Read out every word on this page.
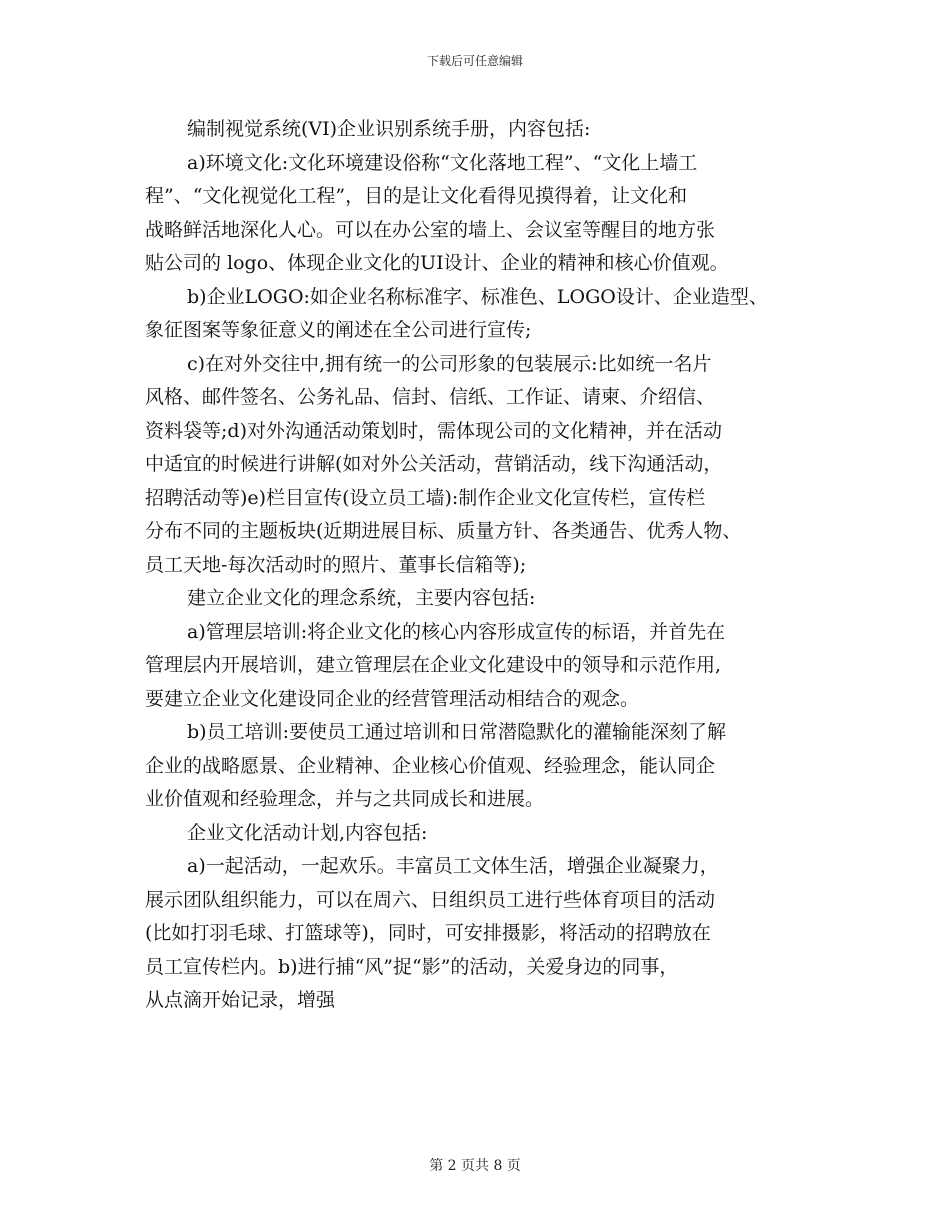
下载后可任意编辑
编制视觉系统(VI)企业识别系统手册，内容包括:
a)环境文化:文化环境建设俗称“文化落地工程”、“文化上墙工
程”、“文化视觉化工程”，目的是让文化看得见摸得着，让文化和
战略鲜活地深化人心。可以在办公室的墙上、会议室等醒目的地方张
贴公司的 logo、体现企业文化的UI设计、企业的精神和核心价值观。
b)企业LOGO:如企业名称标准字、标准色、LOGO设计、企业造型、
象征图案等象征意义的阐述在全公司进行宣传;
c)在对外交往中,拥有统一的公司形象的包装展示:比如统一名片
风格、邮件签名、公务礼品、信封、信纸、工作证、请柬、介绍信、
资料袋等;d)对外沟通活动策划时，需体现公司的文化精神，并在活动
中适宜的时候进行讲解(如对外公关活动，营销活动，线下沟通活动，
招聘活动等)e)栏目宣传(设立员工墙):制作企业文化宣传栏，宣传栏
分布不同的主题板块(近期进展目标、质量方针、各类通告、优秀人物、
员工天地-每次活动时的照片、董事长信箱等);
建立企业文化的理念系统，主要内容包括:
a)管理层培训:将企业文化的核心内容形成宣传的标语，并首先在
管理层内开展培训，建立管理层在企业文化建设中的领导和示范作用,
要建立企业文化建设同企业的经营管理活动相结合的观念。
b)员工培训:要使员工通过培训和日常潜隐默化的灌输能深刻了解
企业的战略愿景、企业精神、企业核心价值观、经验理念，能认同企
业价值观和经验理念，并与之共同成长和进展。
企业文化活动计划,内容包括:
a)一起活动，一起欢乐。丰富员工文体生活，增强企业凝聚力，
展示团队组织能力，可以在周六、日组织员工进行些体育项目的活动
(比如打羽毛球、打篮球等)，同时，可安排摄影，将活动的招聘放在
员工宣传栏内。b)进行捕“风”捉“影”的活动，关爱身边的同事，
从点滴开始记录，增强
第 2 页共 8 页
